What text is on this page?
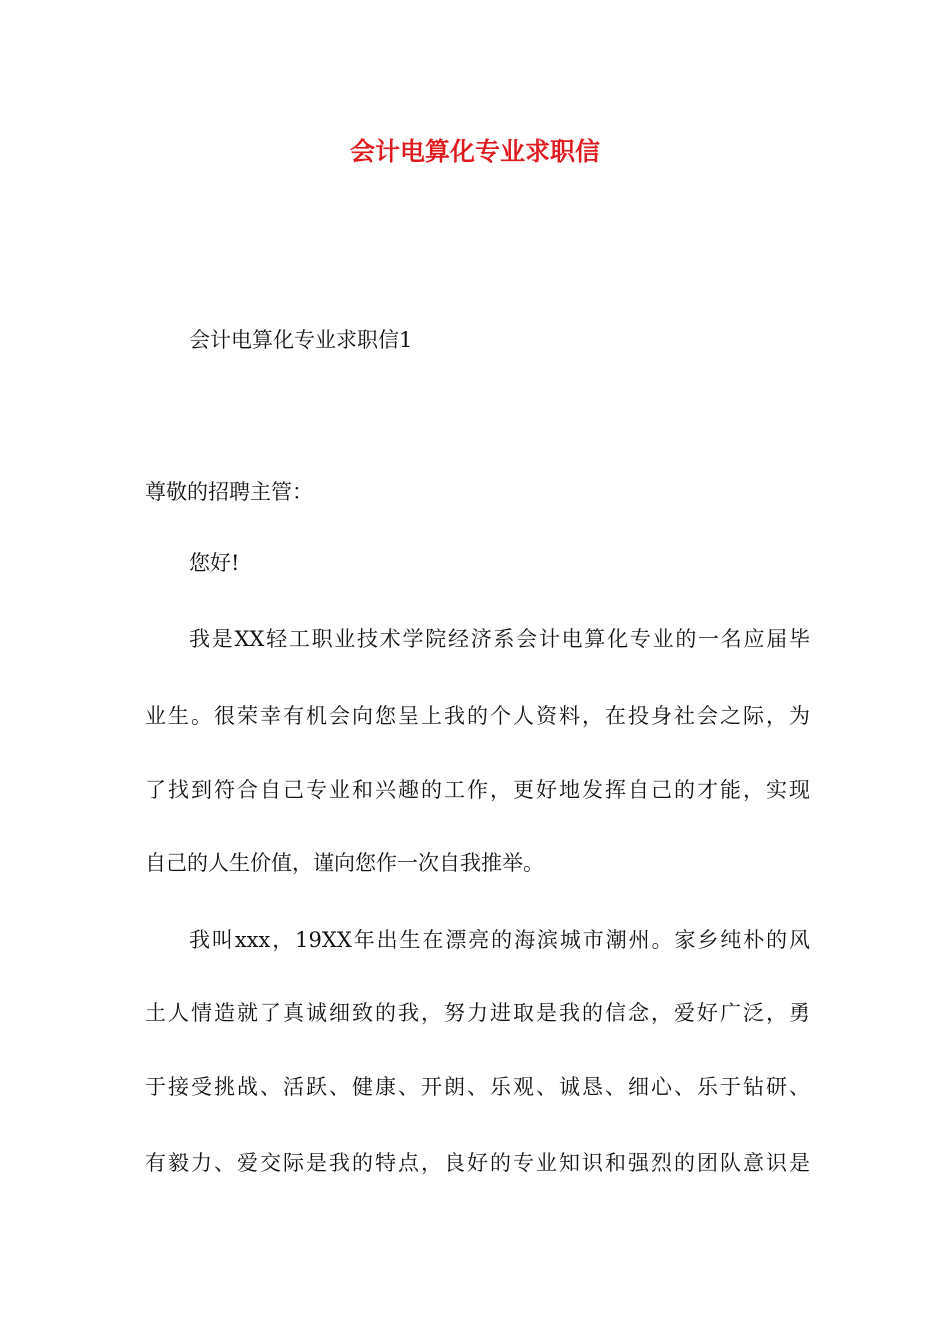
会计电算化专业求职信

会计电算化专业求职信1

尊敬的招聘主管：

您好!

我是XX轻工职业技术学院经济系会计电算化专业的一名应届毕

业生。很荣幸有机会向您呈上我的个人资料，在投身社会之际，为

了找到符合自己专业和兴趣的工作，更好地发挥自己的才能，实现

自己的人生价值，谨向您作一次自我推举。

我叫xxx，19XX年出生在漂亮的海滨城市潮州。家乡纯朴的风

土人情造就了真诚细致的我，努力进取是我的信念，爱好广泛，勇

于接受挑战、活跃、健康、开朗、乐观、诚恳、细心、乐于钻研、

有毅力、爱交际是我的特点，良好的专业知识和强烈的团队意识是
